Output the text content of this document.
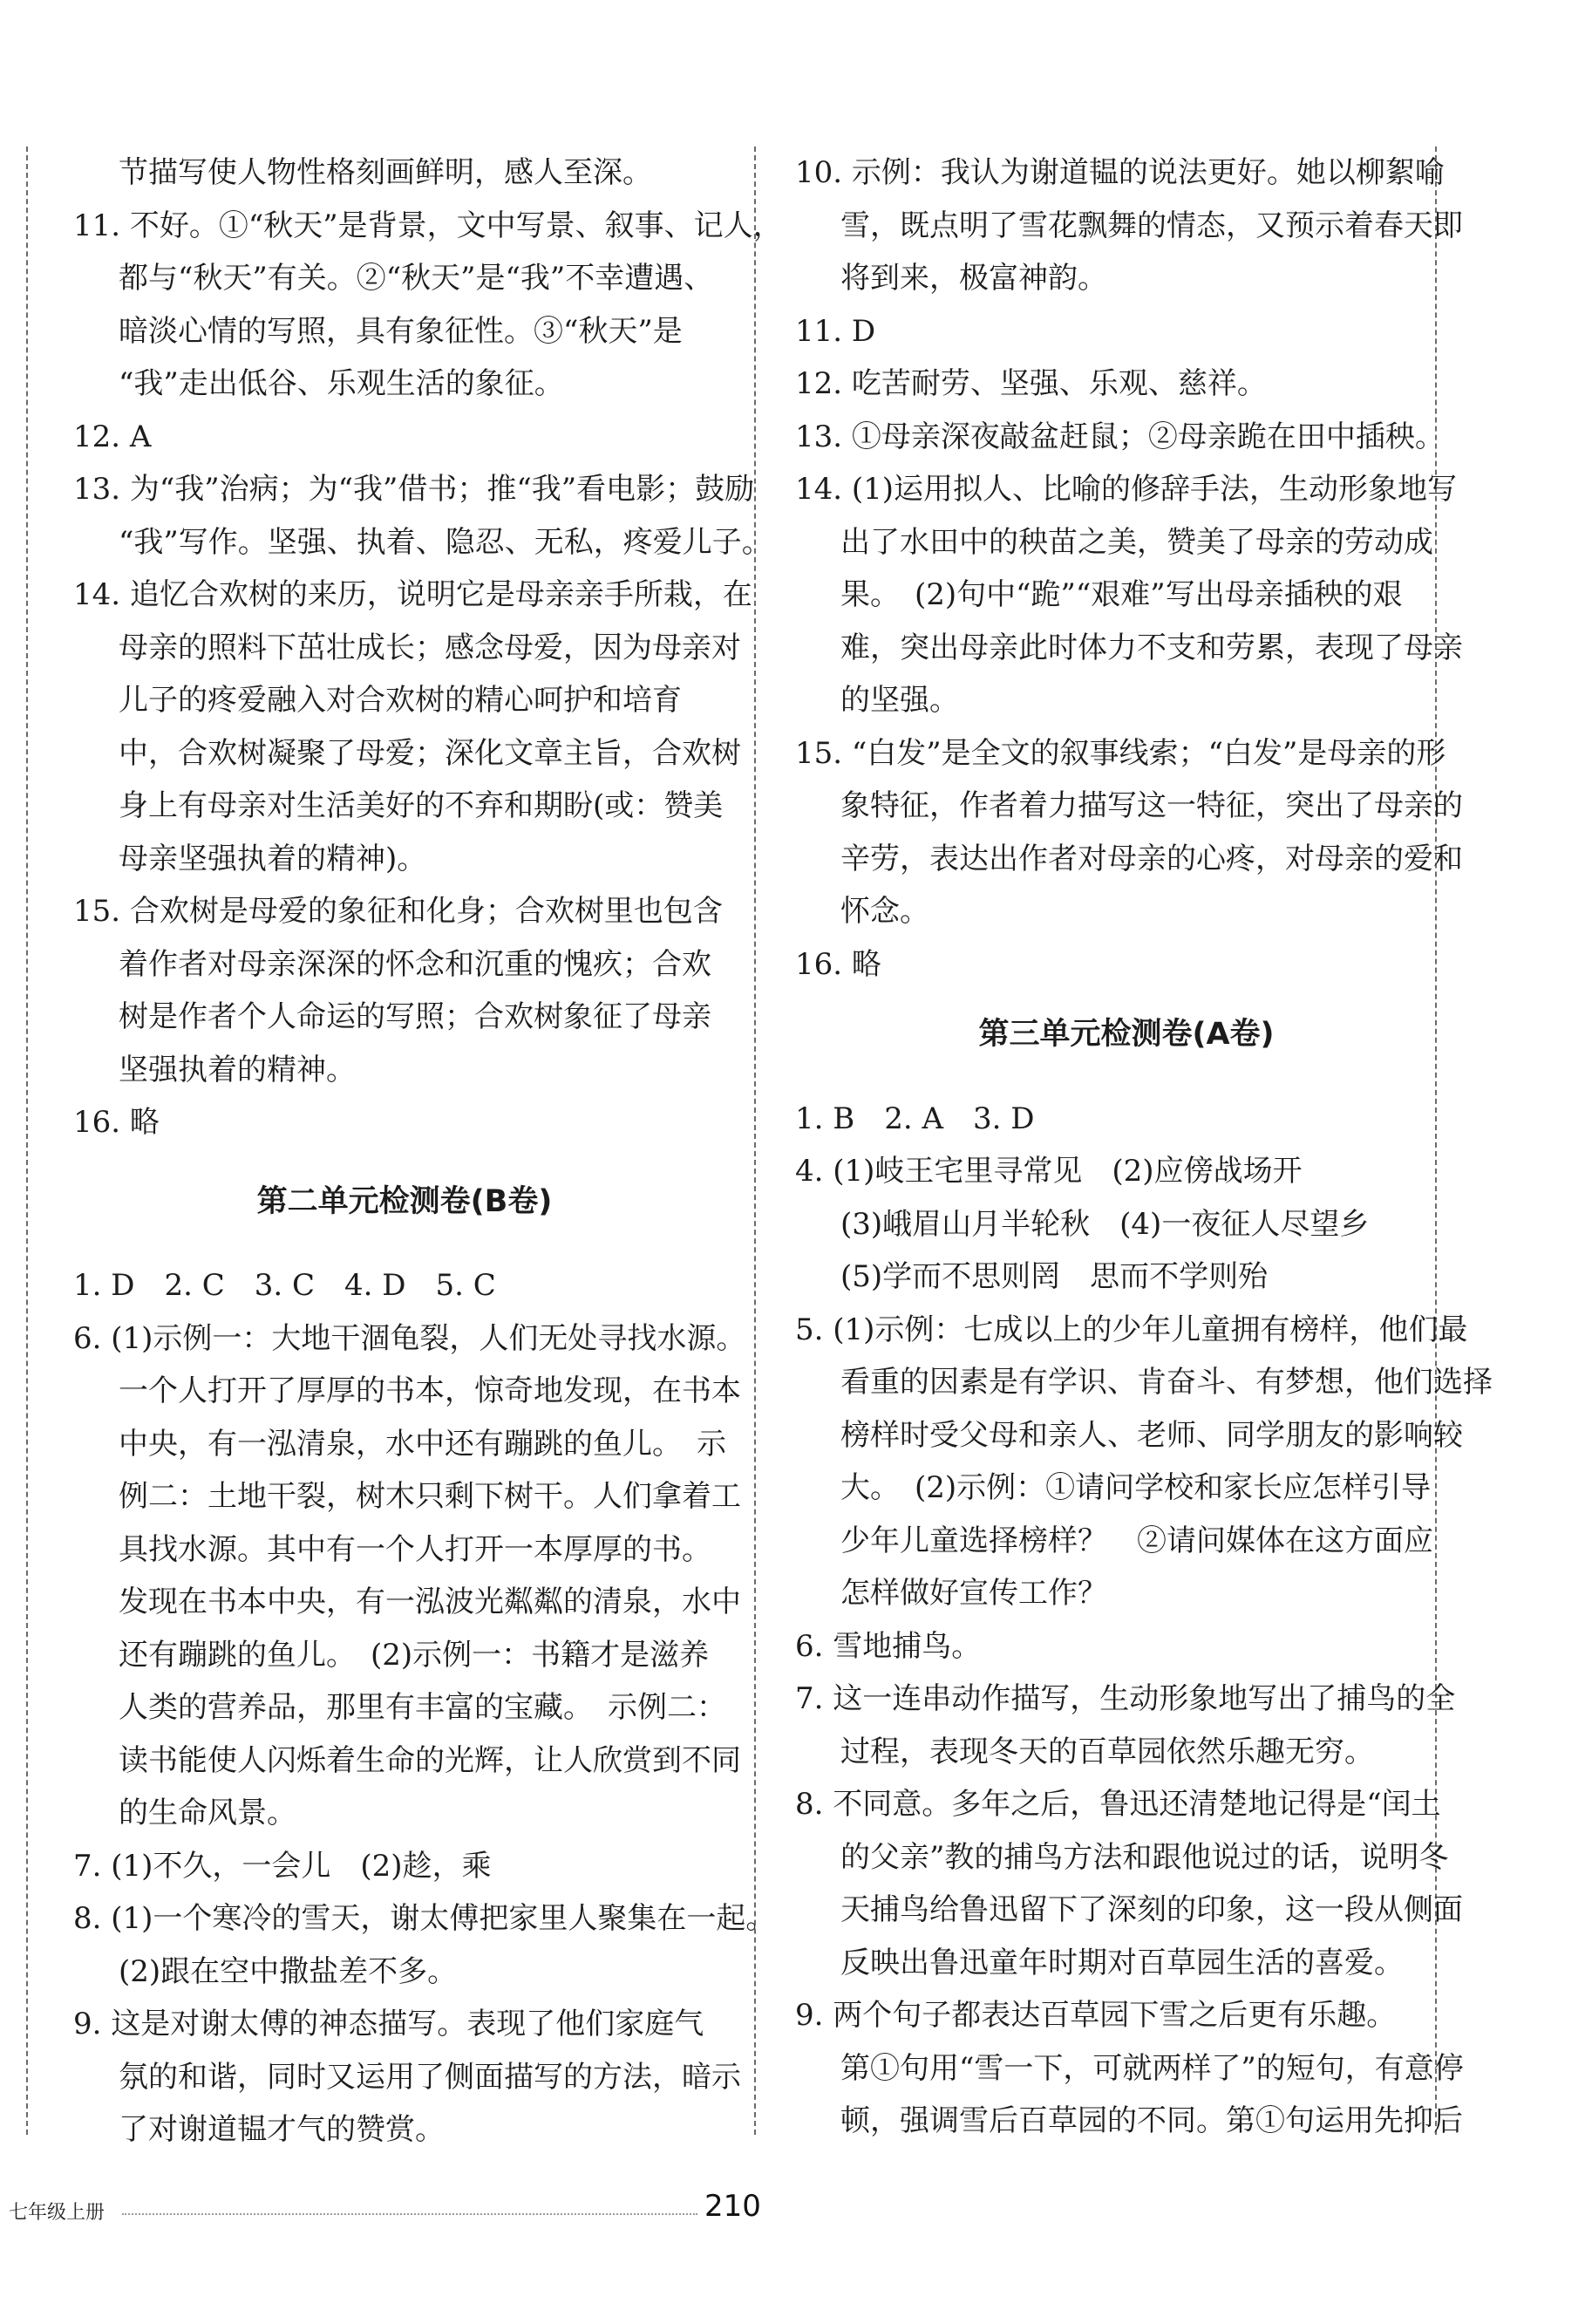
节描写使人物性格刻画鲜明，感人至深。
11. 不好。①“秋天”是背景，文中写景、叙事、记人，
都与“秋天”有关。②“秋天”是“我”不幸遭遇、
暗淡心情的写照，具有象征性。③“秋天”是
“我”走出低谷、乐观生活的象征。
12. A
13. 为“我”治病；为“我”借书；推“我”看电影；鼓励
“我”写作。坚强、执着、隐忍、无私，疼爱儿子。
14. 追忆合欢树的来历，说明它是母亲亲手所栽，在
母亲的照料下茁壮成长；感念母爱，因为母亲对
儿子的疼爱融入对合欢树的精心呵护和培育
中，合欢树凝聚了母爱；深化文章主旨，合欢树
身上有母亲对生活美好的不弃和期盼(或：赞美
母亲坚强执着的精神)。
15. 合欢树是母爱的象征和化身；合欢树里也包含
着作者对母亲深深的怀念和沉重的愧疚；合欢
树是作者个人命运的写照；合欢树象征了母亲
坚强执着的精神。
16. 略
第二单元检测卷(B卷)
1. D　2. C　3. C　4. D　5. C
6. (1)示例一：大地干涸龟裂，人们无处寻找水源。
一个人打开了厚厚的书本，惊奇地发现，在书本
中央，有一泓清泉，水中还有蹦跳的鱼儿。　示
例二：土地干裂，树木只剩下树干。人们拿着工
具找水源。其中有一个人打开一本厚厚的书。
发现在书本中央，有一泓波光粼粼的清泉，水中
还有蹦跳的鱼儿。　(2)示例一：书籍才是滋养
人类的营养品，那里有丰富的宝藏。　示例二：
读书能使人闪烁着生命的光辉，让人欣赏到不同
的生命风景。
7. (1)不久，一会儿　(2)趁，乘
8. (1)一个寒冷的雪天，谢太傅把家里人聚集在一起。
(2)跟在空中撒盐差不多。
9. 这是对谢太傅的神态描写。表现了他们家庭气
氛的和谐，同时又运用了侧面描写的方法，暗示
了对谢道韫才气的赞赏。
10. 示例：我认为谢道韫的说法更好。她以柳絮喻
雪，既点明了雪花飘舞的情态，又预示着春天即
将到来，极富神韵。
11. D
12. 吃苦耐劳、坚强、乐观、慈祥。
13. ①母亲深夜敲盆赶鼠；②母亲跪在田中插秧。
14. (1)运用拟人、比喻的修辞手法，生动形象地写
出了水田中的秧苗之美，赞美了母亲的劳动成
果。　(2)句中“跪”“艰难”写出母亲插秧的艰
难，突出母亲此时体力不支和劳累，表现了母亲
的坚强。
15. “白发”是全文的叙事线索；“白发”是母亲的形
象特征，作者着力描写这一特征，突出了母亲的
辛劳，表达出作者对母亲的心疼，对母亲的爱和
怀念。
16. 略
第三单元检测卷(A卷)
1. B　2. A　3. D
4. (1)岐王宅里寻常见　(2)应傍战场开
(3)峨眉山月半轮秋　(4)一夜征人尽望乡
(5)学而不思则罔　思而不学则殆
5. (1)示例：七成以上的少年儿童拥有榜样，他们最
看重的因素是有学识、肯奋斗、有梦想，他们选择
榜样时受父母和亲人、老师、同学朋友的影响较
大。　(2)示例：①请问学校和家长应怎样引导
少年儿童选择榜样？　②请问媒体在这方面应
怎样做好宣传工作？
6. 雪地捕鸟。
7. 这一连串动作描写，生动形象地写出了捕鸟的全
过程，表现冬天的百草园依然乐趣无穷。
8. 不同意。多年之后，鲁迅还清楚地记得是“闰土
的父亲”教的捕鸟方法和跟他说过的话，说明冬
天捕鸟给鲁迅留下了深刻的印象，这一段从侧面
反映出鲁迅童年时期对百草园生活的喜爱。
9. 两个句子都表达百草园下雪之后更有乐趣。
第①句用“雪一下，可就两样了”的短句，有意停
顿，强调雪后百草园的不同。第①句运用先抑后
七年级上册	210
